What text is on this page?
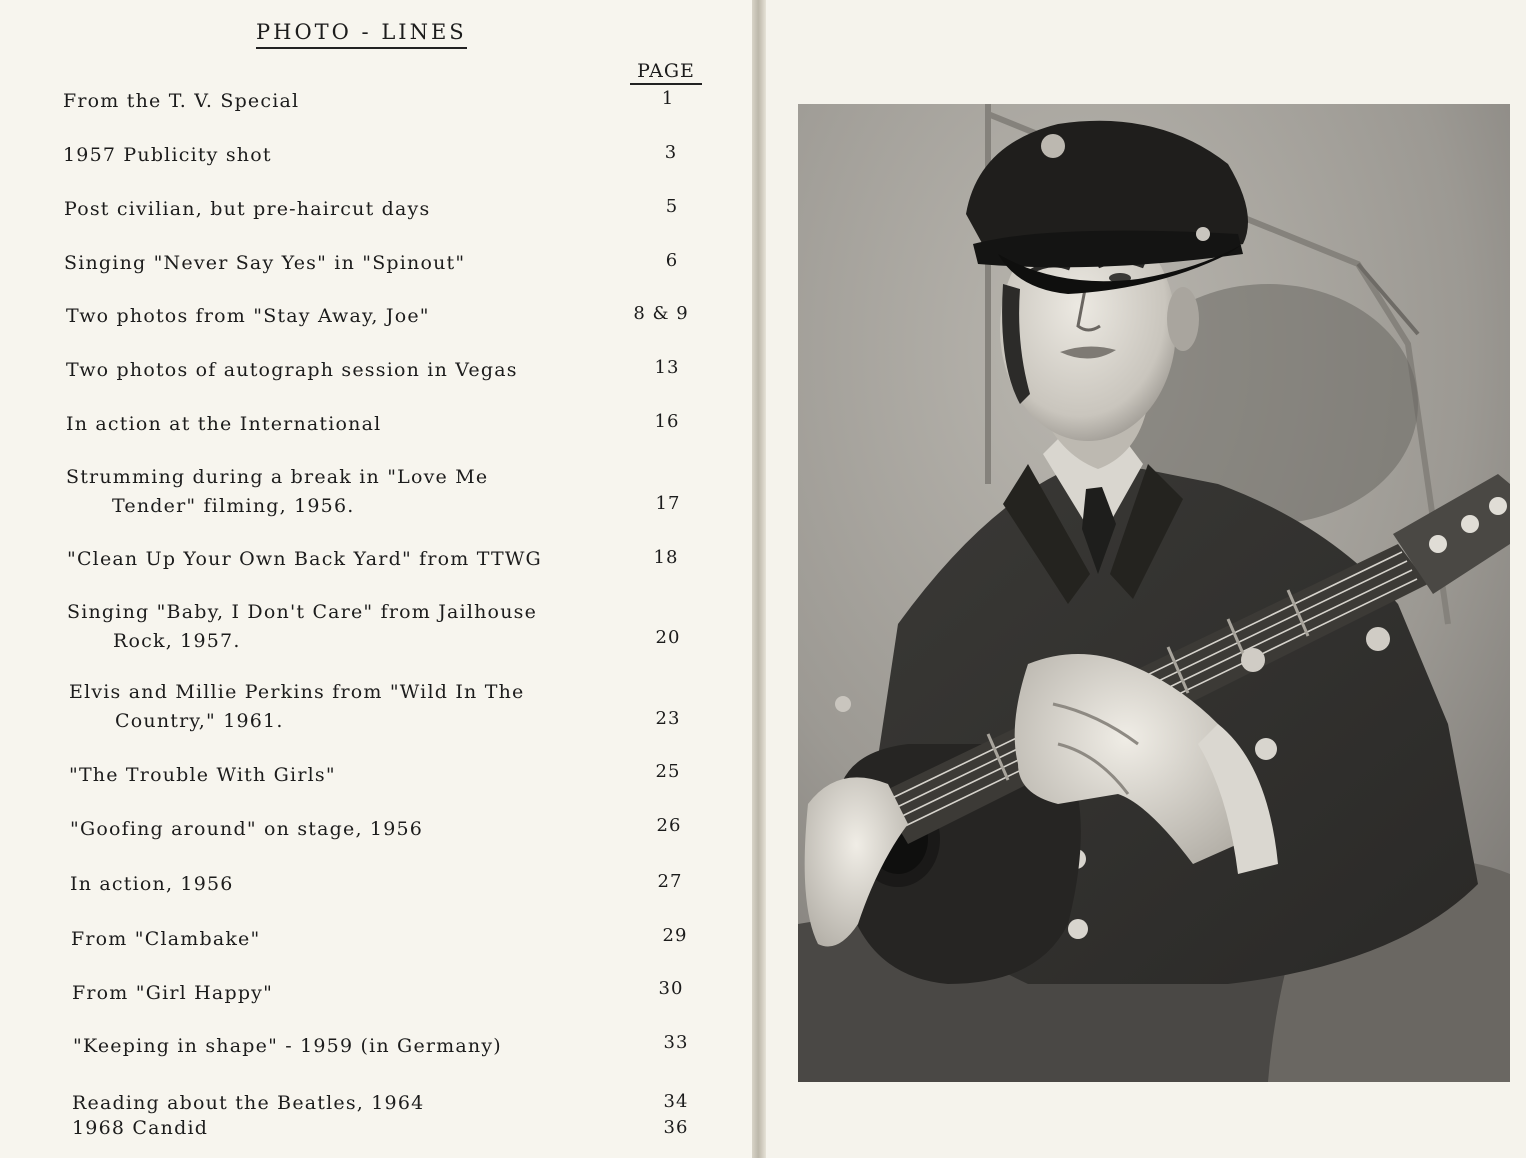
PHOTO - LINES
PAGE
From the T. V. Special	1
1957 Publicity shot	3
Post civilian, but pre-haircut days	5
Singing "Never Say Yes" in "Spinout"	6
Two photos from "Stay Away, Joe"	8 & 9
Two photos of autograph session in Vegas	13
In action at the International	16
Strumming during a break in "Love Me
Tender" filming, 1956.	17
"Clean Up Your Own Back Yard" from TTWG	18
Singing "Baby, I Don't Care" from Jailhouse
Rock, 1957.	20
Elvis and Millie Perkins from "Wild In The
Country," 1961.	23
"The Trouble With Girls"	25
"Goofing around" on stage, 1956	26
In action, 1956	27
From "Clambake"	29
From "Girl Happy"	30
"Keeping in shape" - 1959 (in Germany)	33
Reading about the Beatles, 1964	34
1968 Candid	36
